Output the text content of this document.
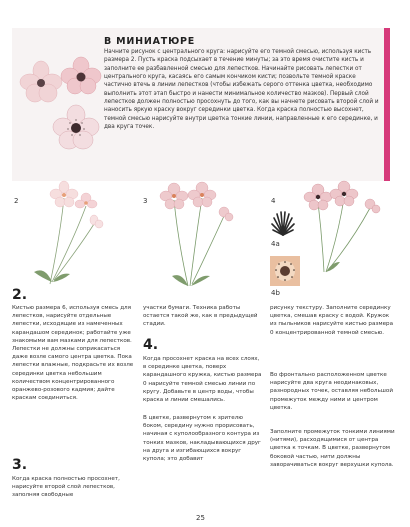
В МИНИАТЮРЕ

Начните рисунок с центрального круга: нарисуйте его темной смесью, используя кисть размера 2. Пусть краска подсыхает в течение минуты; за это время очистите кисть и заполните ее разбавленной смесью для лепестков. Начинайте рисовать лепестки от центрального круга, касаясь его самым кончиком кисти; позвольте темной краске частично втечь в линии лепестков (чтобы избежать серого оттенка цветка, необходимо выполнить этот этап быстро и нанести минимальное количество мазков). Первый слой лепестков должен полностью просохнуть до того, как вы начнете рисовать второй слой и наносить яркую краску вокруг серединки цветка. Когда краска полностью высохнет, темной смесью нарисуйте внутри цветка тонкие линии, направленные к его серединке, и два круга точек.

2	3	4
4а
4b
2.

Кистью размера 6, используя смесь для лепестков, нарисуйте отдельные лепестки, исходящие из намеченных карандашом серединок; работайте уже знакомыми вам мазками для лепестков. Лепестки не должны соприкасаться даже возле самого центра цветка. Пока лепестки влажные, подкрасьте их возле серединки цветка небольшим количеством концентрированного оранжево-розового кадмия; дайте краскам соединиться.

3.

Когда краска полностью просохнет, нарисуйте второй слой лепестков, заполняя свободные

участки бумаги. Техника работы остается такой же, как в предыдущей стадии.

4.

Когда просохнет краска на всех слоях, в серединке цветка, поверх карандашного кружка, кистью размера 0 нарисуйте темной смесью линии по кругу. Добавьте в центр воды, чтобы краска и линии смешались.

В цветке, развернутом к зрителю боком, середину нужно прорисовать, начиная с куполообразного контура из тонких мазков, накладывающихся друг на друга и изгибающихся вокруг купола; это добавит

рисунку текстуру. Заполните серединку цветка, смешав краску с водой. Кружок из пыльников нарисуйте кистью размера 0 концентрированной темной смесью.

Во фронтально расположенном цветке нарисуйте два круга неодинаковых, разнородных точек, оставляя небольшой промежуток между ними и центром цветка.

Заполните промежуток тонкими линиями (нитями), расходящимися от центра цветка к точкам. В цветке, развернутом боковой частью, нити должны заворачиваться вокруг верхушки купола.

25
